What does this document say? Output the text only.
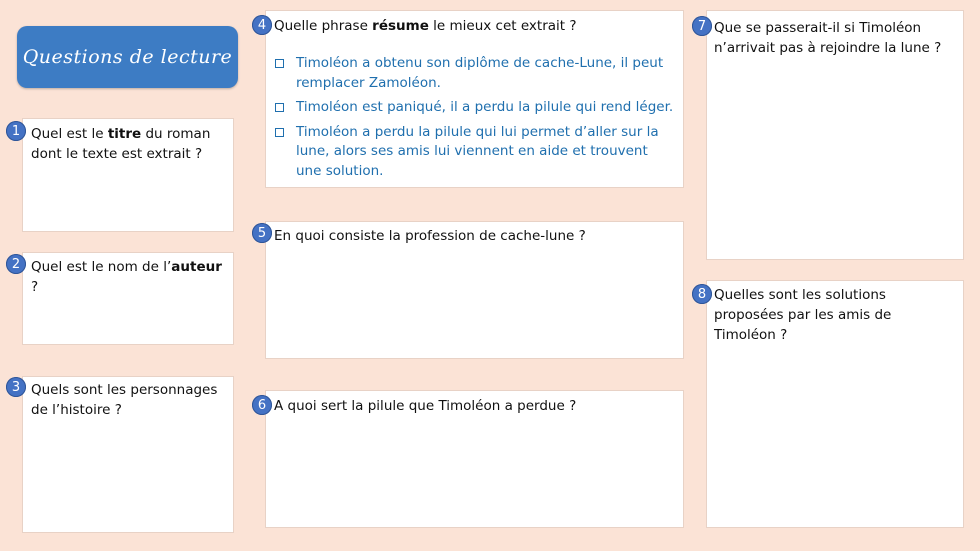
Questions de lecture
1 Quel est le titre du roman dont le texte est extrait ?
2 Quel est le nom de l’auteur ?
3 Quels sont les personnages de l’histoire ?
4 Quelle phrase résume le mieux cet extrait ?
Timoléon a obtenu son diplôme de cache-Lune, il peut remplacer Zamoléon.
Timoléon est paniqué, il a perdu la pilule qui rend léger.
Timoléon a perdu la pilule qui lui permet d’aller sur la lune, alors ses amis lui viennent en aide et trouvent une solution.
5 En quoi consiste la profession de cache-lune ?
6 A quoi sert la pilule que Timoléon a perdue ?
7 Que se passerait-il si Timoléon n’arrivait pas à rejoindre la lune ?
8 Quelles sont les solutions proposées par les amis de Timoléon ?
